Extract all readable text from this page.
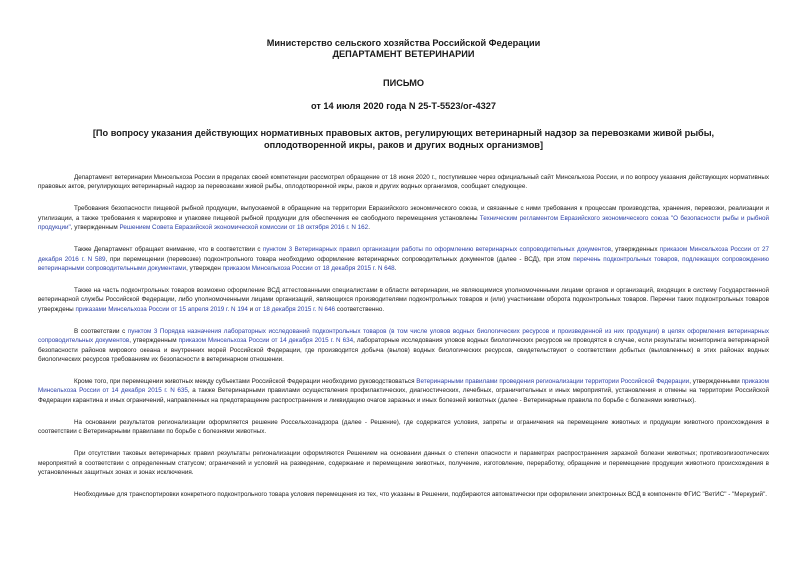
Министерство сельского хозяйства Российской Федерации
ДЕПАРТАМЕНТ ВЕТЕРИНАРИИ
ПИСЬМО
от 14 июля 2020 года N 25-Т-5523/ог-4327
[По вопросу указания действующих нормативных правовых актов, регулирующих ветеринарный надзор за перевозками живой рыбы, оплодотворенной икры, раков и других водных организмов]

Департамент ветеринарии Минсельхоза России в пределах своей компетенции рассмотрел обращение от 18 июня 2020 г., поступившее через официальный сайт Минсельхоза России, и по вопросу указания действующих нормативных правовых актов, регулирующих ветеринарный надзор за перевозками живой рыбы, оплодотворенной икры, раков и других водных организмов, сообщает следующее.

Требования безопасности пищевой рыбной продукции, выпускаемой в обращение на территории Евразийского экономического союза, и связанные с ними требования к процессам производства, хранения, перевозки, реализации и утилизации, а также требования к маркировке и упаковке пищевой рыбной продукции для обеспечения ее свободного перемещения установлены Техническим регламентом Евразийского экономического союза "О безопасности рыбы и рыбной продукции", утвержденным Решением Совета Евразийской экономической комиссии от 18 октября 2016 г. N 162.

Также Департамент обращает внимание, что в соответствии с пунктом 3 Ветеринарных правил организации работы по оформлению ветеринарных сопроводительных документов, утвержденных приказом Минсельхоза России от 27 декабря 2016 г. N 589, при перемещении (перевозке) подконтрольного товара необходимо оформление ветеринарных сопроводительных документов (далее - ВСД), при этом перечень подконтрольных товаров, подлежащих сопровождению ветеринарными сопроводительными документами, утвержден приказом Минсельхоза России от 18 декабря 2015 г. N 648.

Также на часть подконтрольных товаров возможно оформление ВСД аттестованными специалистами в области ветеринарии, не являющимися уполномоченными лицами органов и организаций, входящих в систему Государственной ветеринарной службы Российской Федерации, либо уполномоченными лицами организаций, являющихся производителями подконтрольных товаров и (или) участниками оборота подконтрольных товаров. Перечни таких подконтрольных товаров утверждены приказами Минсельхоза России от 15 апреля 2019 г. N 194 и от 18 декабря 2015 г. N 646 соответственно.

В соответствии с пунктом 3 Порядка назначения лабораторных исследований подконтрольных товаров (в том числе уловов водных биологических ресурсов и произведенной из них продукции) в целях оформления ветеринарных сопроводительных документов, утвержденным приказом Минсельхоза России от 14 декабря 2015 г. N 634, лабораторные исследования уловов водных биологических ресурсов не проводятся в случае, если результаты мониторинга ветеринарной безопасности районов мирового океана и внутренних морей Российской Федерации, где производится добыча (вылов) водных биологических ресурсов, свидетельствуют о соответствии добытых (выловленных) в этих районах водных биологических ресурсов требованиям их безопасности в ветеринарном отношении.

Кроме того, при перемещении животных между субъектами Российской Федерации необходимо руководствоваться Ветеринарными правилами проведения регионализации территории Российской Федерации, утвержденными приказом Минсельхоза России от 14 декабря 2015 г. N 635, а также Ветеринарными правилами осуществления профилактических, диагностических, лечебных, ограничительных и иных мероприятий, установления и отмены на территории Российской Федерации карантина и иных ограничений, направленных на предотвращение распространения и ликвидацию очагов заразных и иных болезней животных (далее - Ветеринарные правила по борьбе с болезнями животных).

На основании результатов регионализации оформляется решение Россельхознадзора (далее - Решение), где содержатся условия, запреты и ограничения на перемещение животных и продукции животного происхождения в соответствии с Ветеринарными правилами по борьбе с болезнями животных.

При отсутствии таковых ветеринарных правил результаты регионализации оформляются Решением на основании данных о степени опасности и параметрах распространения заразной болезни животных; противоэпизоотических мероприятий в соответствии с определенным статусом; ограничений и условий на разведение, содержание и перемещение животных, получение, изготовление, переработку, обращение и перемещение продукции животного происхождения в установленных защитных зонах и зонах исключения.

Необходимые для транспортировки конкретного подконтрольного товара условия перемещения из тех, что указаны в Решении, подбираются автоматически при оформлении электронных ВСД в компоненте ФГИС "ВетИС" - "Меркурий".
